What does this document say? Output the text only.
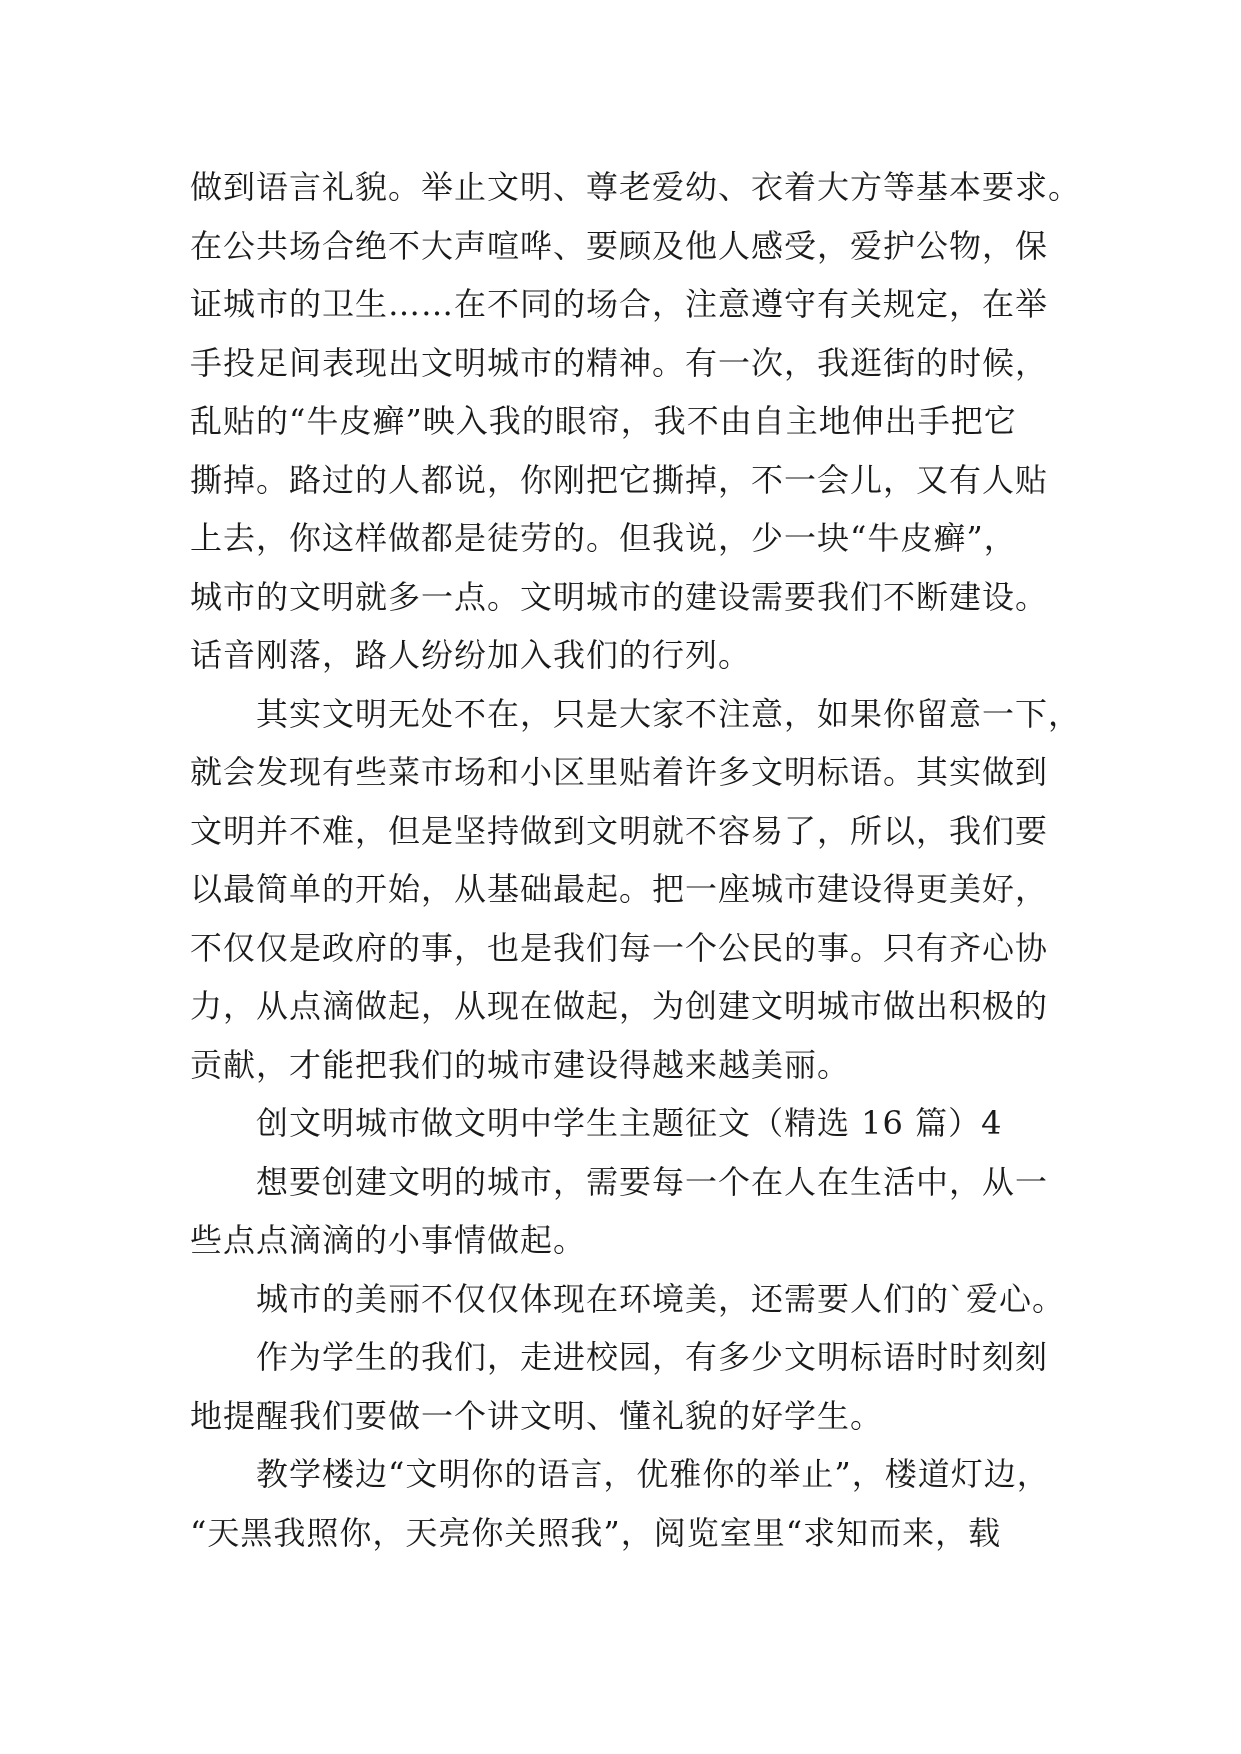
做到语言礼貌。举止文明、尊老爱幼、衣着大方等基本要求。
在公共场合绝不大声喧哗、要顾及他人感受，爱护公物，保
证城市的卫生……在不同的场合，注意遵守有关规定，在举
手投足间表现出文明城市的精神。有一次，我逛街的时候，
乱贴的“牛皮癣”映入我的眼帘，我不由自主地伸出手把它
撕掉。路过的人都说，你刚把它撕掉，不一会儿，又有人贴
上去，你这样做都是徒劳的。但我说，少一块“牛皮癣”，
城市的文明就多一点。文明城市的建设需要我们不断建设。
话音刚落，路人纷纷加入我们的行列。
其实文明无处不在，只是大家不注意，如果你留意一下，
就会发现有些菜市场和小区里贴着许多文明标语。其实做到
文明并不难，但是坚持做到文明就不容易了，所以，我们要
以最简单的开始，从基础最起。把一座城市建设得更美好，
不仅仅是政府的事，也是我们每一个公民的事。只有齐心协
力，从点滴做起，从现在做起，为创建文明城市做出积极的
贡献，才能把我们的城市建设得越来越美丽。
创文明城市做文明中学生主题征文（精选 16 篇）4
想要创建文明的城市，需要每一个在人在生活中，从一
些点点滴滴的小事情做起。
城市的美丽不仅仅体现在环境美，还需要人们的`爱心。
作为学生的我们，走进校园，有多少文明标语时时刻刻
地提醒我们要做一个讲文明、懂礼貌的好学生。
教学楼边“文明你的语言，优雅你的举止”，楼道灯边，
“天黑我照你，天亮你关照我”，阅览室里“求知而来，载
